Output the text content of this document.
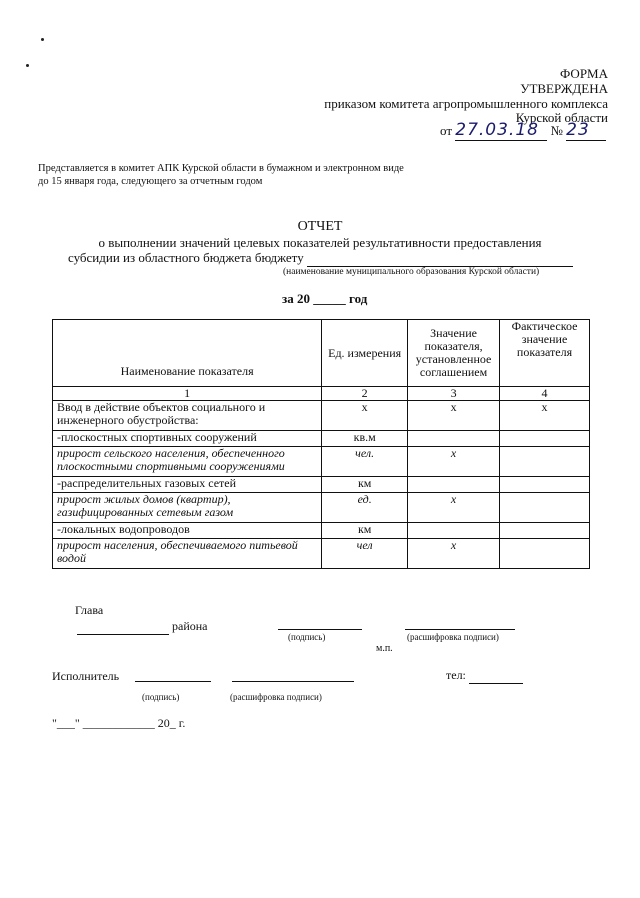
ФОРМА
УТВЕРЖДЕНА
приказом комитета агропромышленного комплекса
Курской области
от 27.03.18 № 23
Представляется в комитет АПК Курской области в бумажном и электронном виде
до 15 января года, следующего за отчетным годом
ОТЧЕТ
о выполнении значений целевых показателей результативности предоставления
субсидии из областного бюджета бюджету
(наименование муниципального образования Курской области)
за 20 _____ год
Наименование показателя	Ед. измерения	Значение показателя, установленное соглашением	Фактическое значение показателя
1	2	3	4
Ввод в действие объектов социального и инженерного обустройства:	x	x	x
-плоскостных спортивных сооружений	кв.м		
прирост сельского населения, обеспеченного плоскостными спортивными сооружениями	чел.	x	
-распределительных газовых сетей	км		
прирост жилых домов (квартир), газифицированных сетевым газом	ед.	x	
-локальных водопроводов	км		
прирост населения, обеспечиваемого питьевой водой	чел	x	
Глава
района
(подпись)	(расшифровка подписи)
м.п.
Исполнитель	тел:
(подпись)	(расшифровка подписи)
"___" ____________ 20_ г.
